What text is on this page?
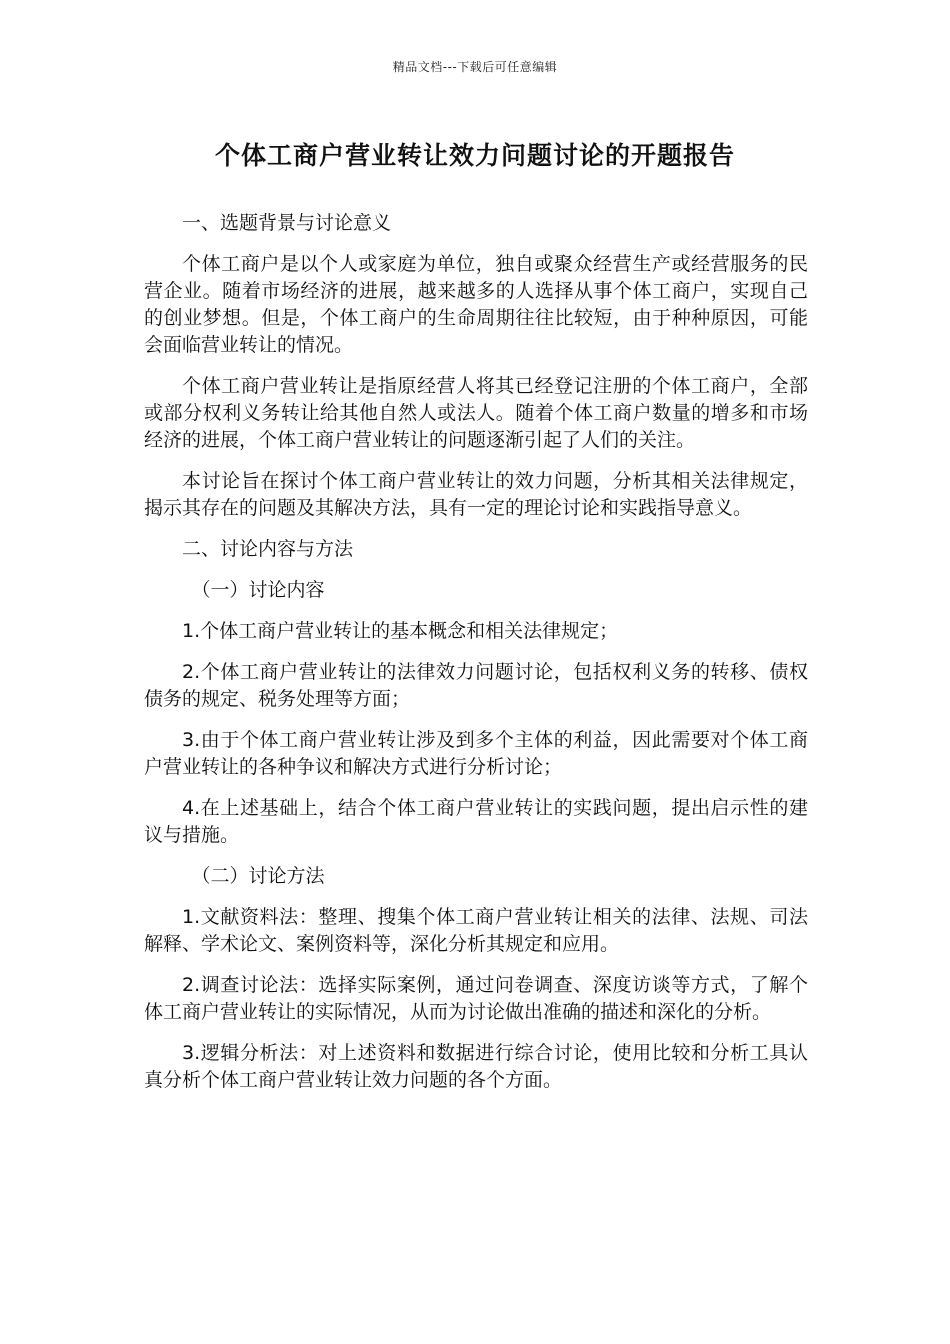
精品文档---下载后可任意编辑
个体工商户营业转让效力问题讨论的开题报告

一、选题背景与讨论意义

个体工商户是以个人或家庭为单位，独自或聚众经营生产或经营服务的民营企业。随着市场经济的进展，越来越多的人选择从事个体工商户，实现自己的创业梦想。但是，个体工商户的生命周期往往比较短，由于种种原因，可能会面临营业转让的情况。

个体工商户营业转让是指原经营人将其已经登记注册的个体工商户，全部或部分权利义务转让给其他自然人或法人。随着个体工商户数量的增多和市场经济的进展，个体工商户营业转让的问题逐渐引起了人们的关注。

本讨论旨在探讨个体工商户营业转让的效力问题，分析其相关法律规定，揭示其存在的问题及其解决方法，具有一定的理论讨论和实践指导意义。

二、讨论内容与方法

（一）讨论内容

1.个体工商户营业转让的基本概念和相关法律规定；

2.个体工商户营业转让的法律效力问题讨论，包括权利义务的转移、债权债务的规定、税务处理等方面；

3.由于个体工商户营业转让涉及到多个主体的利益，因此需要对个体工商户营业转让的各种争议和解决方式进行分析讨论；

4.在上述基础上，结合个体工商户营业转让的实践问题，提出启示性的建议与措施。

（二）讨论方法

1.文献资料法：整理、搜集个体工商户营业转让相关的法律、法规、司法解释、学术论文、案例资料等，深化分析其规定和应用。

2.调查讨论法：选择实际案例，通过问卷调查、深度访谈等方式，了解个体工商户营业转让的实际情况，从而为讨论做出准确的描述和深化的分析。

3.逻辑分析法：对上述资料和数据进行综合讨论，使用比较和分析工具认真分析个体工商户营业转让效力问题的各个方面。
